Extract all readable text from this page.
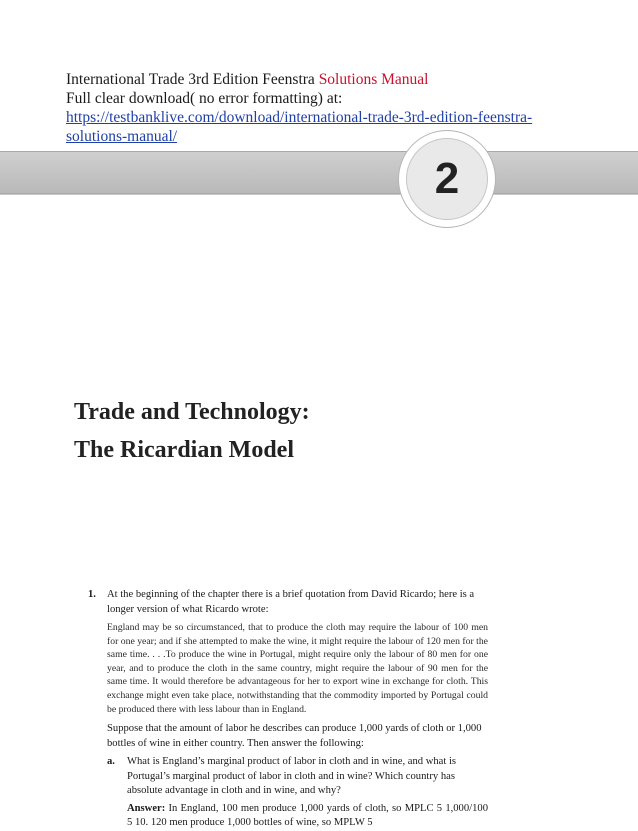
International Trade 3rd Edition Feenstra Solutions Manual
Full clear download( no error formatting) at:
https://testbanklive.com/download/international-trade-3rd-edition-feenstra-
solutions-manual/
2
Trade and Technology:
The Ricardian Model
1. At the beginning of the chapter there is a brief quotation from David Ricardo; here is a longer version of what Ricardo wrote:
England may be so circumstanced, that to produce the cloth may require the labour of 100 men for one year; and if she attempted to make the wine, it might require the labour of 120 men for the same time. . . .To produce the wine in Portugal, might require only the labour of 80 men for one year, and to produce the cloth in the same country, might require the labour of 90 men for the same time. It would therefore be advantageous for her to export wine in exchange for cloth. This exchange might even take place, notwithstanding that the commodity imported by Portugal could be produced there with less labour than in England.
Suppose that the amount of labor he describes can produce 1,000 yards of cloth or 1,000 bottles of wine in either country. Then answer the following:
a. What is England’s marginal product of labor in cloth and in wine, and what is Portugal’s marginal product of labor in cloth and in wine? Which country has absolute advantage in cloth and in wine, and why?
Answer: In England, 100 men produce 1,000 yards of cloth, so MPLC 5 1,000/100 5 10. 120 men produce 1,000 bottles of wine, so MPLW 5
